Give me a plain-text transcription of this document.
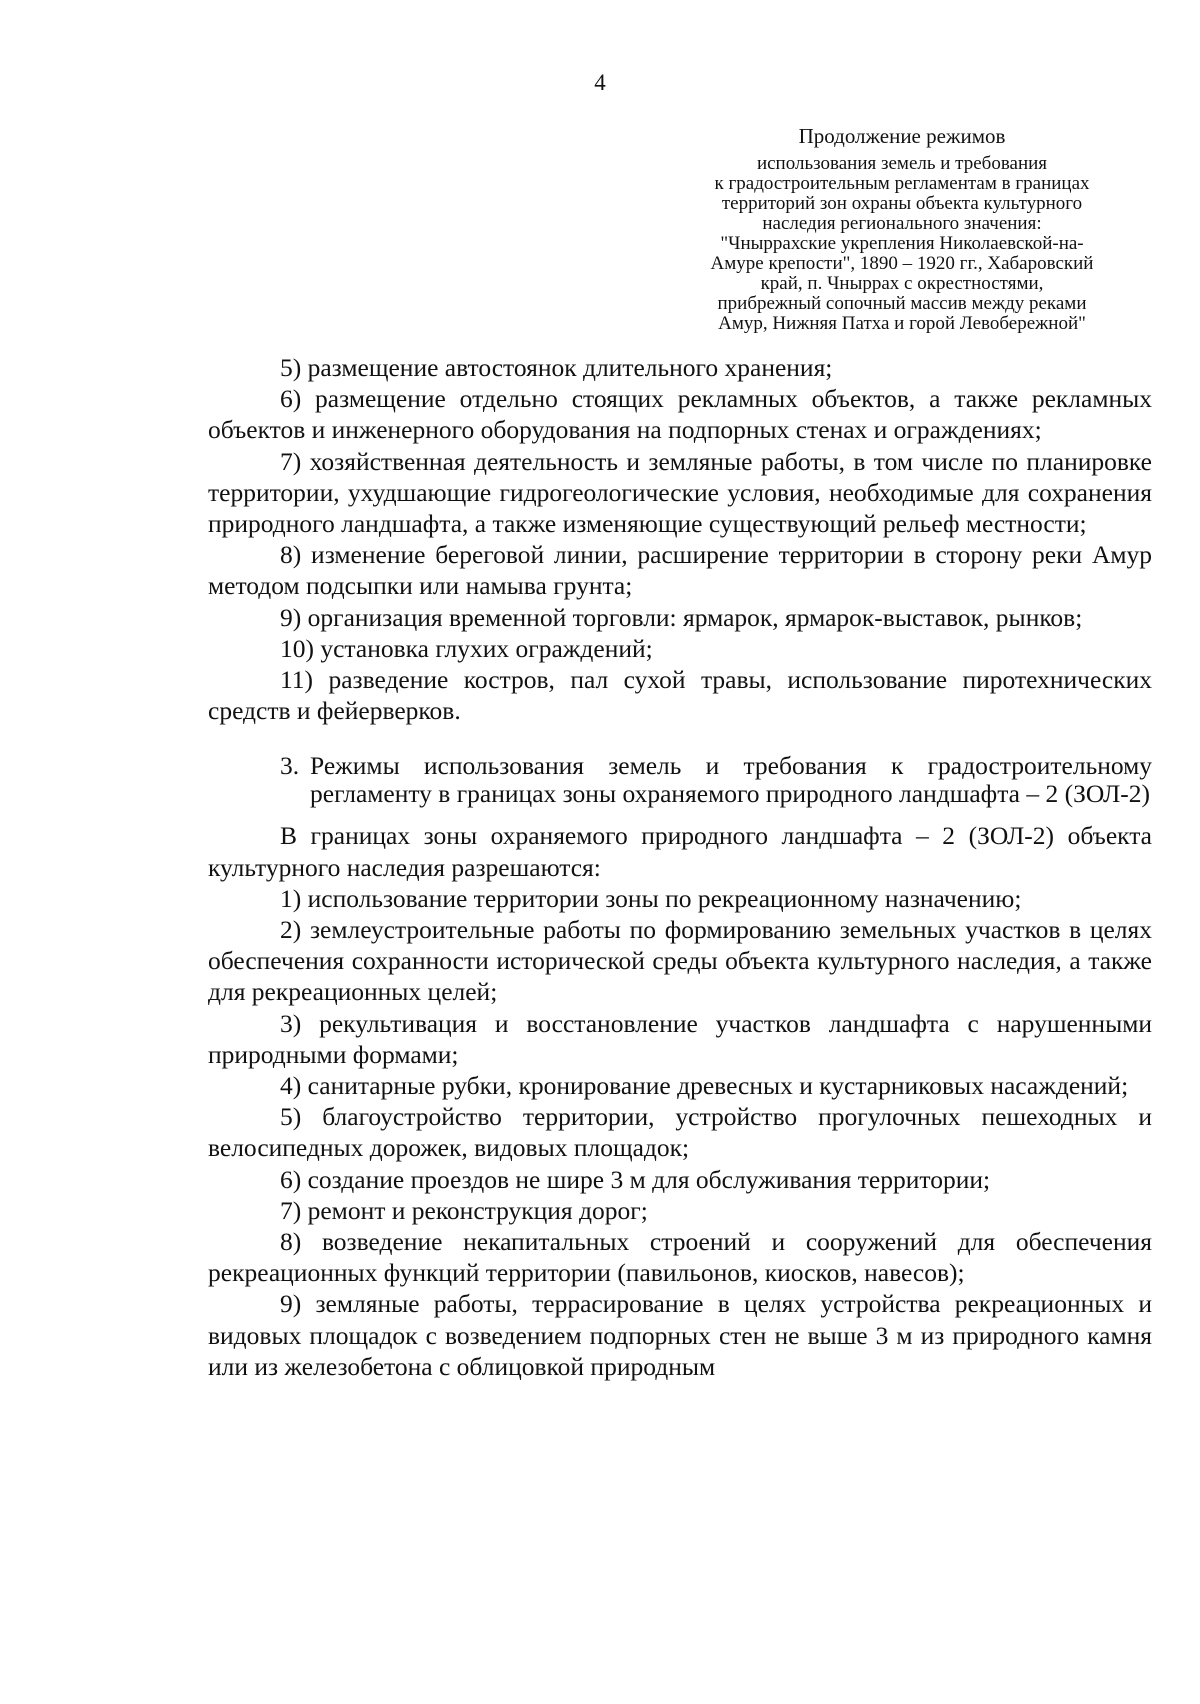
4
Продолжение режимов
использования земель и требования
к градостроительным регламентам в границах
территорий зон охраны объекта культурного
наследия регионального значения:
"Чныррахские укрепления Николаевской-на-
Амуре крепости", 1890 – 1920 гг., Хабаровский
край, п. Чныррах с окрестностями,
прибрежный сопочный массив между реками
Амур, Нижняя Патха и горой Левобережной"

5) размещение автостоянок длительного хранения;

6) размещение отдельно стоящих рекламных объектов, а также рекламных объектов и инженерного оборудования на подпорных стенах и ограждениях;

7) хозяйственная деятельность и земляные работы, в том числе по планировке территории, ухудшающие гидрогеологические условия, необходимые для сохранения природного ландшафта, а также изменяющие существующий рельеф местности;

8) изменение береговой линии, расширение территории в сторону реки Амур методом подсыпки или намыва грунта;

9) организация временной торговли: ярмарок, ярмарок-выставок, рынков;

10) установка глухих ограждений;

11) разведение костров, пал сухой травы, использование пиротехнических средств и фейерверков.

3. Режимы использования земель и требования к градостроительному регламенту в границах зоны охраняемого природного ландшафта – 2 (ЗОЛ-2)

В границах зоны охраняемого природного ландшафта – 2 (ЗОЛ-2) объекта культурного наследия разрешаются:

1) использование территории зоны по рекреационному назначению;

2) землеустроительные работы по формированию земельных участков в целях обеспечения сохранности исторической среды объекта культурного наследия, а также для рекреационных целей;

3) рекультивация и восстановление участков ландшафта с нарушенными природными формами;

4) санитарные рубки, кронирование древесных и кустарниковых насаждений;

5) благоустройство территории, устройство прогулочных пешеходных и велосипедных дорожек, видовых площадок;

6) создание проездов не шире 3 м для обслуживания территории;

7) ремонт и реконструкция дорог;

8) возведение некапитальных строений и сооружений для обеспечения рекреационных функций территории (павильонов, киосков, навесов);

9) земляные работы, террасирование в целях устройства рекреационных и видовых площадок с возведением подпорных стен не выше 3 м из природного камня или из железобетона с облицовкой природным
